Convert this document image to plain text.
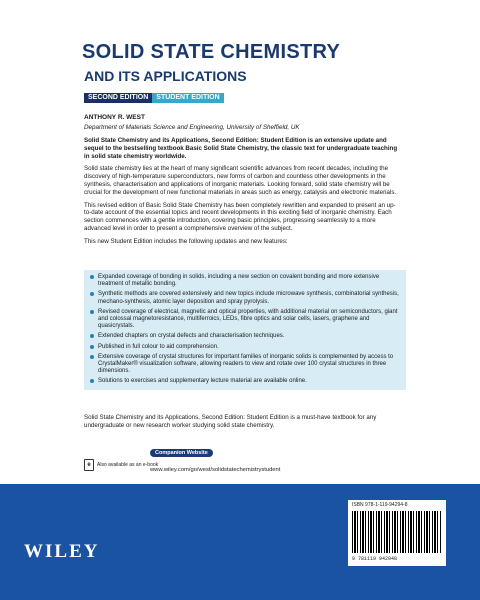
SOLID STATE CHEMISTRY
AND ITS APPLICATIONS
SECOND EDITION	STUDENT EDITION
ANTHONY R. WEST
Department of Materials Science and Engineering, University of Sheffield, UK

Solid State Chemistry and its Applications, Second Edition: Student Edition is an extensive update and sequel to the bestselling textbook Basic Solid State Chemistry, the classic text for undergraduate teaching in solid state chemistry worldwide.

Solid state chemistry lies at the heart of many significant scientific advances from recent decades, including the discovery of high-temperature superconductors, new forms of carbon and countless other developments in the synthesis, characterisation and applications of inorganic materials. Looking forward, solid state chemistry will be crucial for the development of new functional materials in areas such as energy, catalysis and electronic materials.

This revised edition of Basic Solid State Chemistry has been completely rewritten and expanded to present an up-to-date account of the essential topics and recent developments in this exciting field of inorganic chemistry. Each section commences with a gentle introduction, covering basic principles, progressing seamlessly to a more advanced level in order to present a comprehensive overview of the subject.

This new Student Edition includes the following updates and new features:

Expanded coverage of bonding in solids, including a new section on covalent bonding and more extensive treatment of metallic bonding.
Synthetic methods are covered extensively and new topics include microwave synthesis, combinatorial synthesis, mechano-synthesis, atomic layer deposition and spray pyrolysis.
Revised coverage of electrical, magnetic and optical properties, with additional material on semiconductors, giant and colossal magnetoresistance, multiferroics, LEDs, fibre optics and solar cells, lasers, graphene and quasicrystals.
Extended chapters on crystal defects and characterisation techniques.
Published in full colour to aid comprehension.
Extensive coverage of crystal structures for important families of inorganic solids is complemented by access to CrystalMaker® visualization software, allowing readers to view and rotate over 100 crystal structures in three dimensions.
Solutions to exercises and supplementary lecture material are available online.
Solid State Chemistry and its Applications, Second Edition: Student Edition is a must-have textbook for any undergraduate or new research worker studying solid state chemistry.
e	Also available as an e-book
Companion Website
www.wiley.com/go/west/solidstatechemistrystudent
WILEY
ISBN 978-1-119-94294-8
9 781119 942948
